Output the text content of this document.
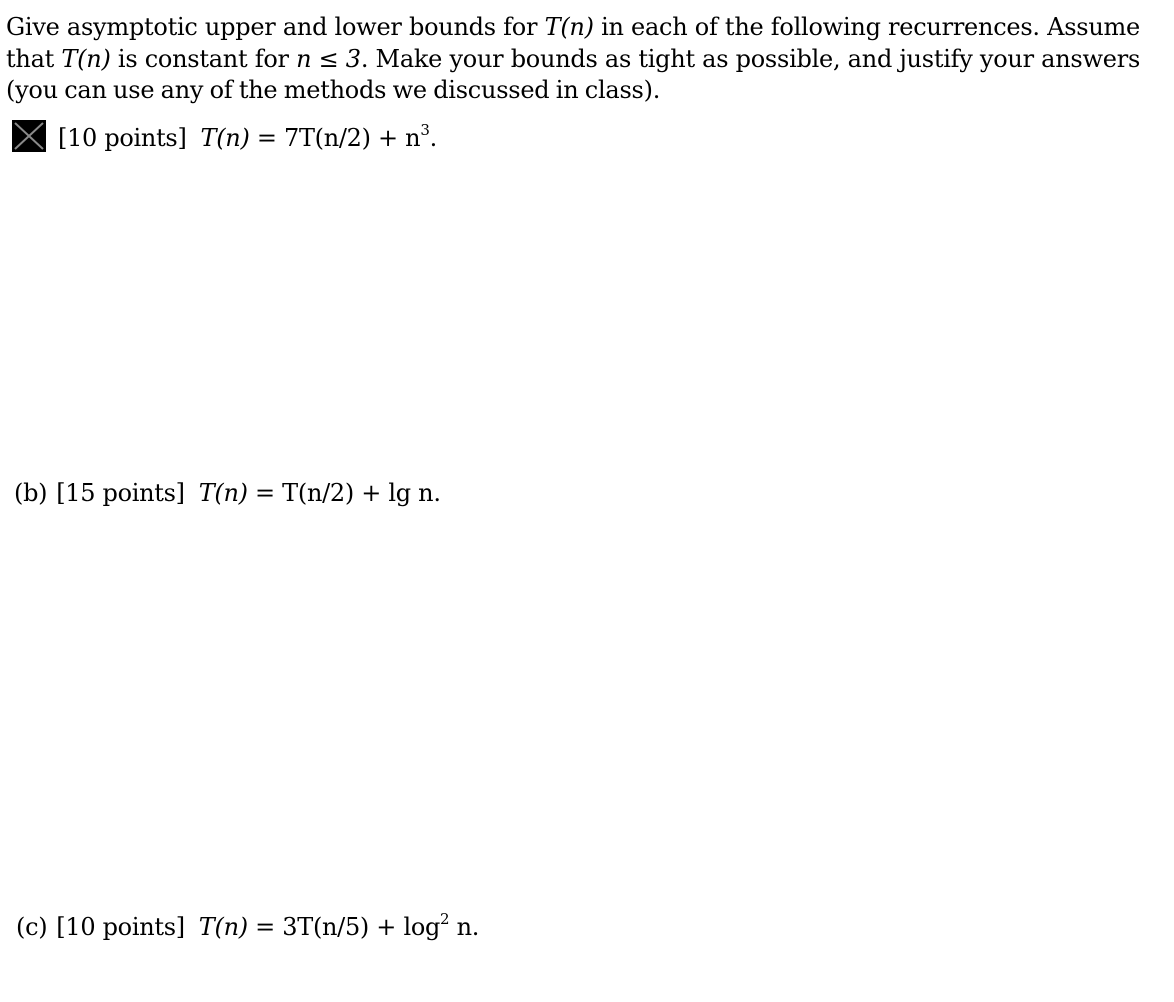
Give asymptotic upper and lower bounds for T(n) in each of the following recurrences. Assume that T(n) is constant for n ≤ 3. Make your bounds as tight as possible, and justify your answers (you can use any of the methods we discussed in class).
[10 points] $T(n) = 7T(n/2) + n^3$.
(b) [15 points] T(n) = T(n/2) + lg n.
(c) [10 points] $T(n) = 3T(n/5) + \log^2 n$.
